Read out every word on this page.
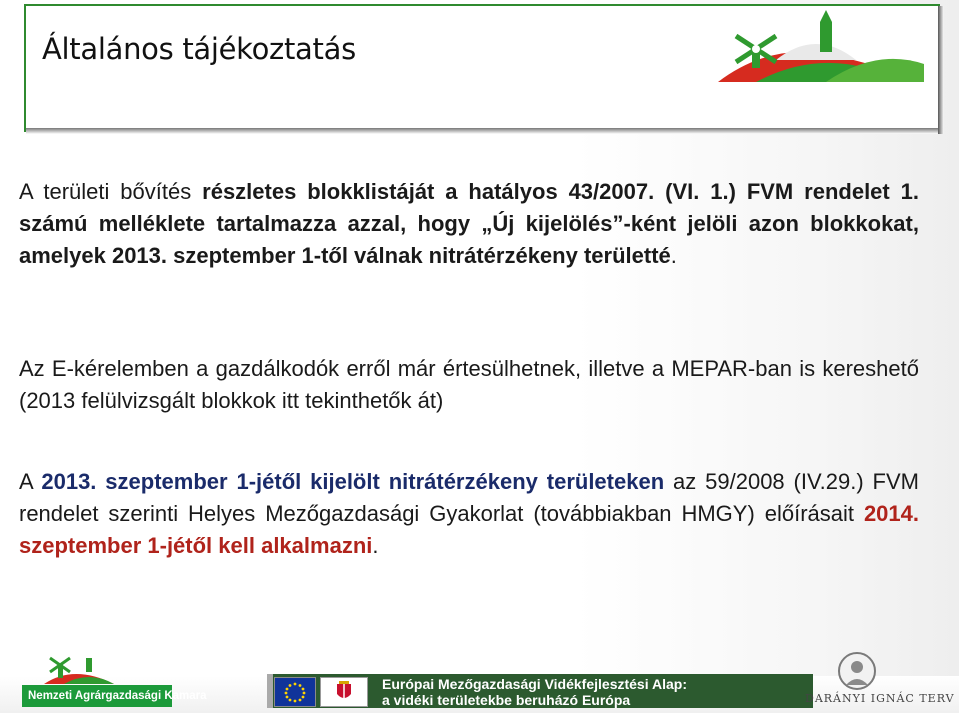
Általános tájékoztatás
A területi bővítés részletes blokklistáját a hatályos 43/2007. (VI. 1.) FVM rendelet 1. számú melléklete tartalmazza azzal, hogy „Új kijelölés”-ként jelöli azon blokkokat, amelyek 2013. szeptember 1-től válnak nitrátérzékeny területté.
Az E-kérelemben a gazdálkodók erről már értesülhetnek, illetve a MEPAR-ban is kereshető (2013 felülvizsgált blokkok itt tekinthetők át)
A 2013. szeptember 1-jétől kijelölt nitrátérzékeny területeken az 59/2008 (IV.29.) FVM rendelet szerinti Helyes Mezőgazdasági Gyakorlat (továbbiakban HMGY) előírásait 2014. szeptember 1-jétől kell alkalmazni.
Nemzeti Agrárgazdasági Kamara
Európai Mezőgazdasági Vidékfejlesztési Alap:
a vidéki területekbe beruházó Európa	DARÁNYI IGNÁC TERV
